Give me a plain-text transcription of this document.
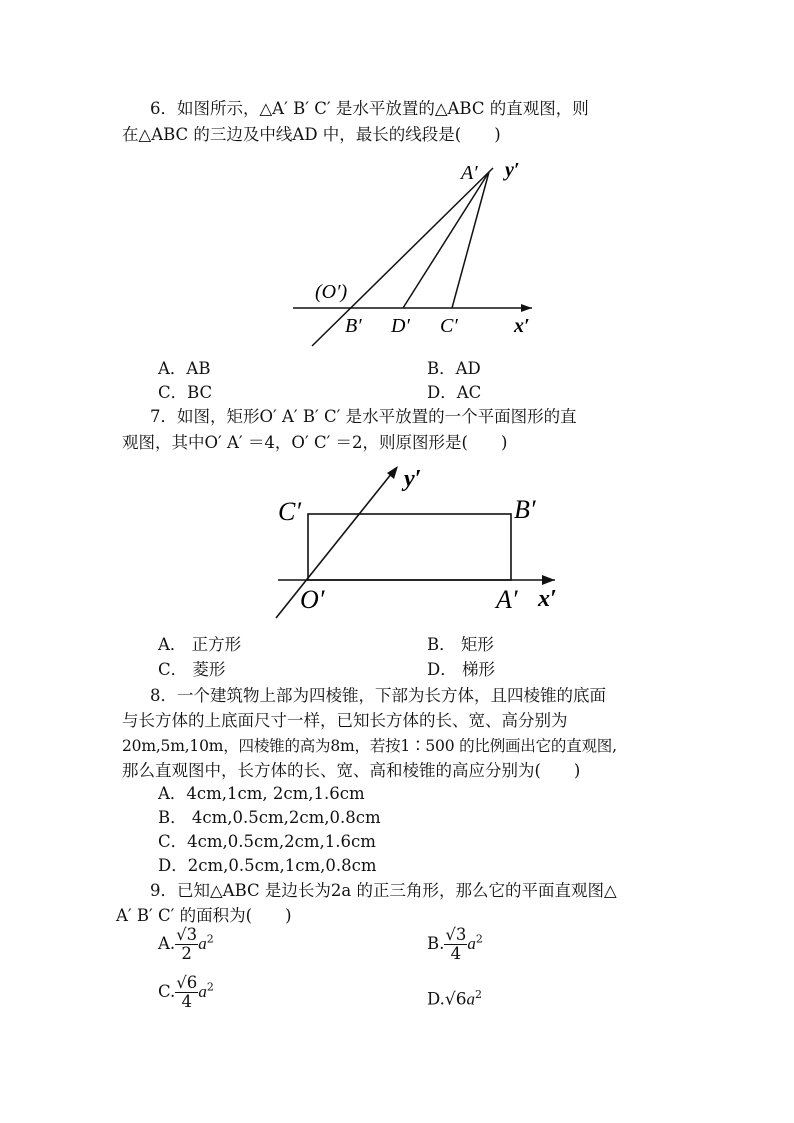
6．如图所示，△A′ B′ C′ 是水平放置的△ABC 的直观图，则
在△ABC 的三边及中线AD 中，最长的线段是(　　)
A′ y′
(O′)
B′ D′ C′	x′
A．AB	B．AD
C．BC	D．AC
7．如图，矩形O′ A′ B′ C′ 是水平放置的一个平面图形的直
观图，其中O′ A′ ＝4，O′ C′ ＝2，则原图形是(　　)
C′	B′
O′	A′
y′
x′
A． 正方形	B． 矩形
C． 菱形	D． 梯形
8．一个建筑物上部为四棱锥，下部为长方体，且四棱锥的底面
与长方体的上底面尺寸一样，已知长方体的长、宽、高分别为
20m,5m,10m，四棱锥的高为8m，若按1∶500 的比例画出它的直观图,
那么直观图中，长方体的长、宽、高和棱锥的高应分别为(　　)
A．4cm,1cm, 2cm,1.6cm
B． 4cm,0.5cm,2cm,0.8cm
C．4cm,0.5cm,2cm,1.6cm
D．2cm,0.5cm,1cm,0.8cm
9．已知△ABC 是边长为2a 的正三角形，那么它的平面直观图△
A′ B′ C′ 的面积为(　　)
A. $\frac{√3}{2} a^2$	B. $\frac{√3}{4} a^2$
C. $\frac{√6}{4} a^2$
$D.√6a^2$
